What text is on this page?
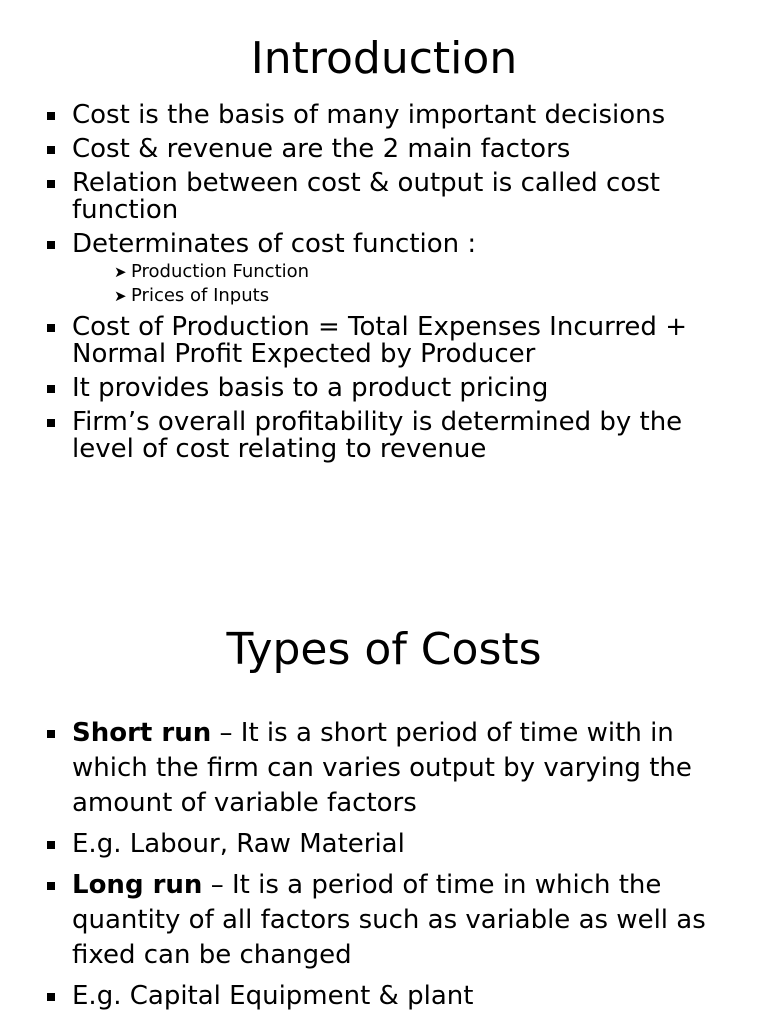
Introduction
Cost is the basis of many important decisions
Cost & revenue are the 2 main factors
Relation between cost & output is called cost function
Determinates of cost function :
➤ Production Function
➤ Prices of Inputs
Cost of Production = Total Expenses Incurred + Normal Profit Expected by Producer
It provides basis to a product pricing
Firm’s overall profitability is determined by the level of cost relating to revenue
Types of Costs
Short run – It is a short period of time with in which the firm can varies output by varying the amount of variable factors
E.g. Labour, Raw Material
Long run – It is a period of time in which the quantity of all factors such as variable as well as fixed can be changed
E.g. Capital Equipment & plant
